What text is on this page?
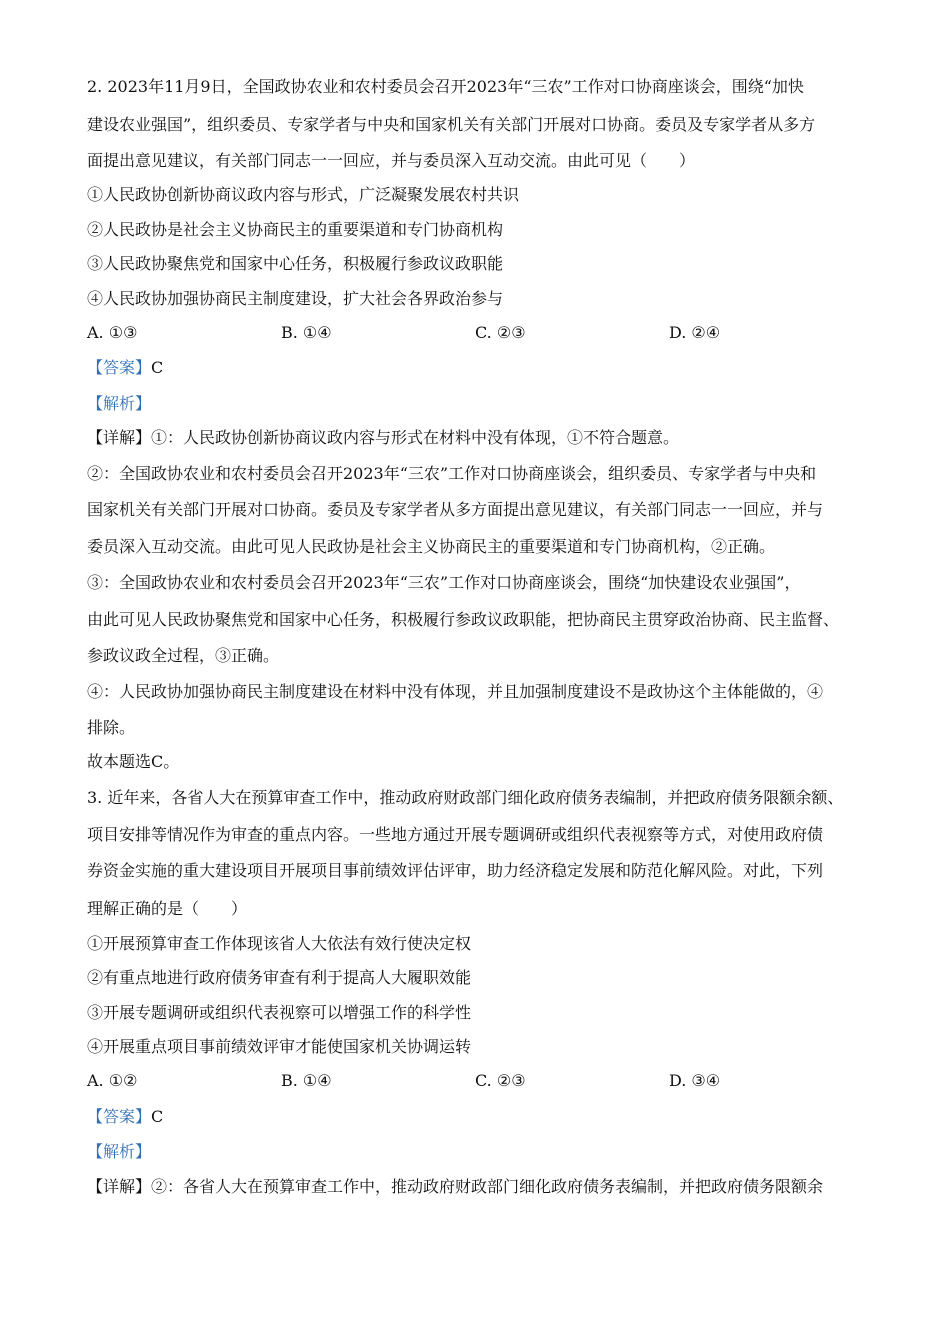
2. 2023年11月9日，全国政协农业和农村委员会召开2023年“三农”工作对口协商座谈会，围绕“加快
建设农业强国”，组织委员、专家学者与中央和国家机关有关部门开展对口协商。委员及专家学者从多方
面提出意见建议，有关部门同志一一回应，并与委员深入互动交流。由此可见（　　）
①人民政协创新协商议政内容与形式，广泛凝聚发展农村共识
②人民政协是社会主义协商民主的重要渠道和专门协商机构
③人民政协聚焦党和国家中心任务，积极履行参政议政职能
④人民政协加强协商民主制度建设，扩大社会各界政治参与
A. ①③	B. ①④	C. ②③	D. ②④
【答案】C
【解析】
【详解】①：人民政协创新协商议政内容与形式在材料中没有体现，①不符合题意。
②：全国政协农业和农村委员会召开2023年“三农”工作对口协商座谈会，组织委员、专家学者与中央和
国家机关有关部门开展对口协商。委员及专家学者从多方面提出意见建议，有关部门同志一一回应，并与
委员深入互动交流。由此可见人民政协是社会主义协商民主的重要渠道和专门协商机构，②正确。
③：全国政协农业和农村委员会召开2023年“三农”工作对口协商座谈会，围绕“加快建设农业强国”，
由此可见人民政协聚焦党和国家中心任务，积极履行参政议政职能，把协商民主贯穿政治协商、民主监督、
参政议政全过程，③正确。
④：人民政协加强协商民主制度建设在材料中没有体现，并且加强制度建设不是政协这个主体能做的，④
排除。
故本题选C。
3. 近年来，各省人大在预算审查工作中，推动政府财政部门细化政府债务表编制，并把政府债务限额余额、
项目安排等情况作为审查的重点内容。一些地方通过开展专题调研或组织代表视察等方式，对使用政府债
券资金实施的重大建设项目开展项目事前绩效评估评审，助力经济稳定发展和防范化解风险。对此，下列
理解正确的是（　　）
①开展预算审查工作体现该省人大依法有效行使决定权
②有重点地进行政府债务审查有利于提高人大履职效能
③开展专题调研或组织代表视察可以增强工作的科学性
④开展重点项目事前绩效评审才能使国家机关协调运转
A. ①②	B. ①④	C. ②③	D. ③④
【答案】C
【解析】
【详解】②：各省人大在预算审查工作中，推动政府财政部门细化政府债务表编制，并把政府债务限额余
